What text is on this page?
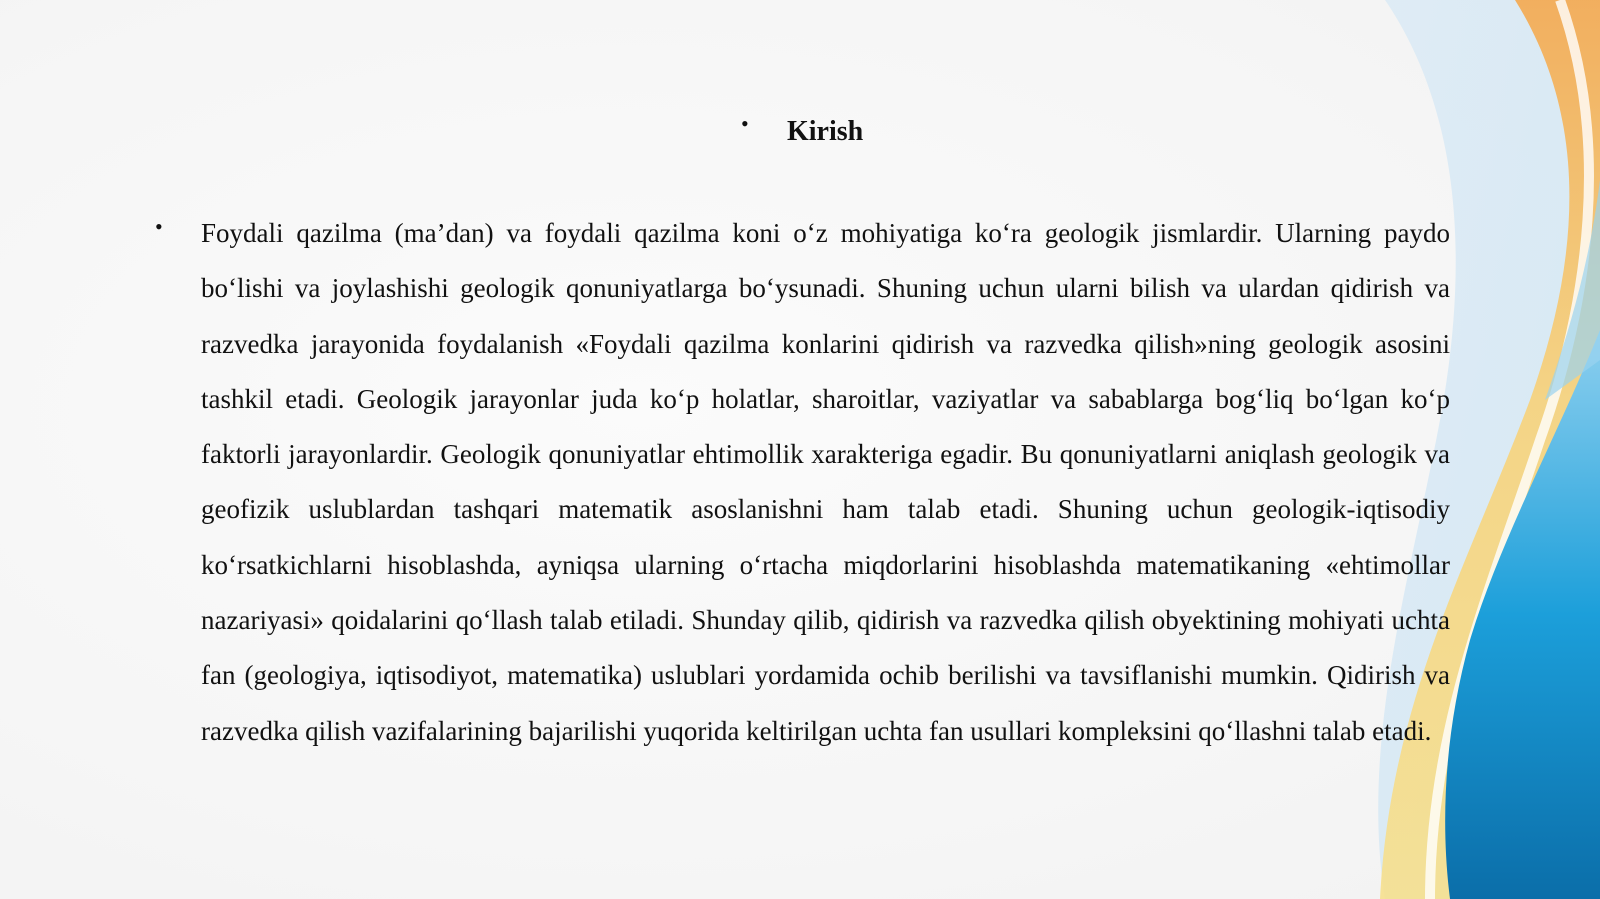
• Kirish
• Foydali qazilma (ma’dan) va foydali qazilma koni o‘z mohiyatiga ko‘ra geologik jismlardir. Ularning paydo bo‘lishi va joylashishi geologik qonuniyatlarga bo‘ysunadi. Shuning uchun ularni bilish va ulardan qidirish va razvedka jarayonida foydalanish «Foydali qazilma konlarini qidirish va razvedka qilish»ning geologik asosini tashkil etadi. Geologik jarayonlar juda ko‘p holatlar, sharoitlar, vaziyatlar va sabablarga bog‘liq bo‘lgan ko‘p faktorli jarayonlardir. Geologik qonuniyatlar ehtimollik xarakteriga egadir. Bu qonuniyatlarni aniqlash geologik va geofizik uslublardan tashqari matematik asoslanishni ham talab etadi. Shuning uchun geologik-iqtisodiy ko‘rsatkichlarni hisoblashda, ayniqsa ularning o‘rtacha miqdorlarini hisoblashda matematikaning «ehtimollar nazariyasi» qoidalarini qo‘llash talab etiladi. Shunday qilib, qidirish va razvedka qilish obyektining mohiyati uchta fan (geologiya, iqtisodiyot, matematika) uslublari yordamida ochib berilishi va tavsiflanishi mumkin. Qidirish va razvedka qilish vazifalarining bajarilishi yuqorida keltirilgan uchta fan usullari kompleksini qo‘llashni talab etadi.
